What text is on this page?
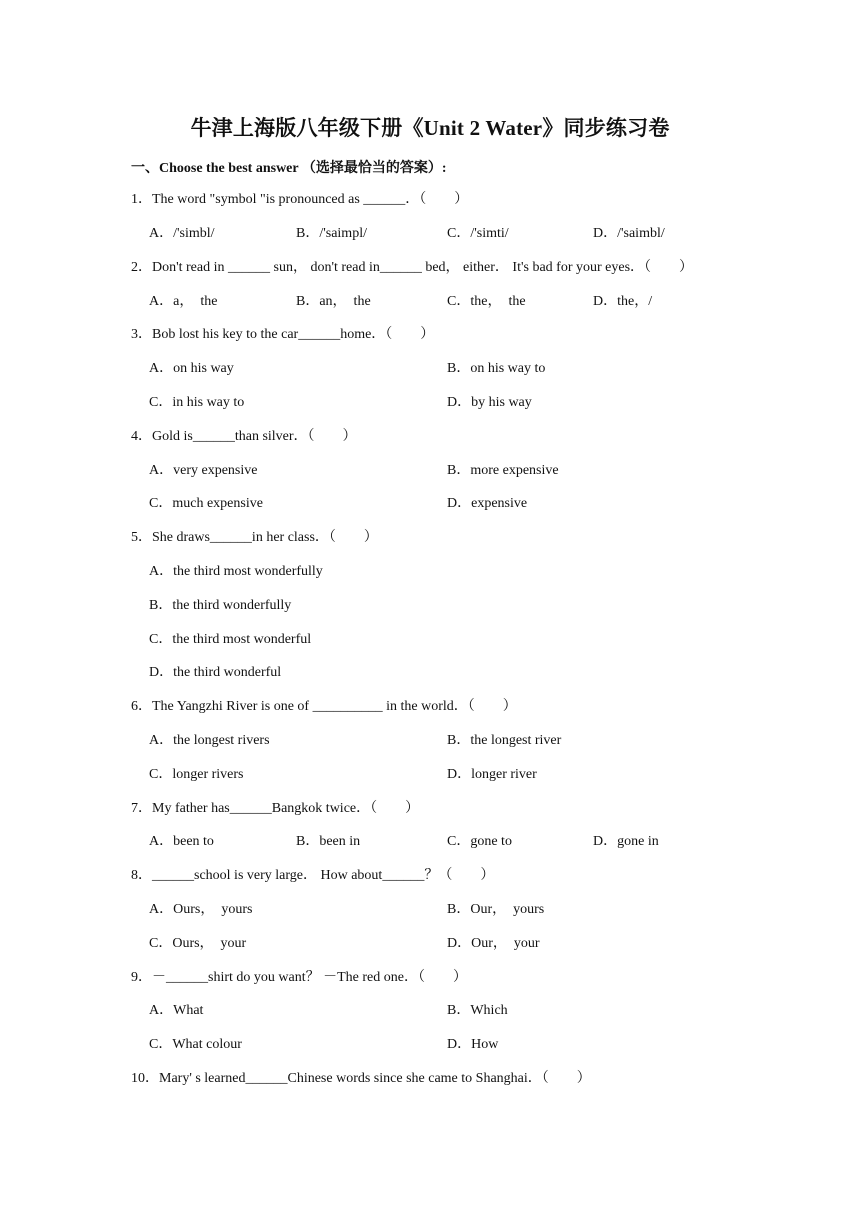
牛津上海版八年级下册《Unit 2 Water》同步练习卷
一、Choose the best answer （选择最恰当的答案）:
1．The word "symbol "is pronounced as ______．（　　）
A．/'simbl/	B．/'saimpl/	C．/'simti/	D．/'saimbl/
2．Don't read in ______ sun， don't read in______ bed， either． It's bad for your eyes．（　　）
A．a，  the	B．an，  the	C．the，  the	D．the，/
3．Bob lost his key to the car______home．（　　）
A．on his way	B．on his way to
C．in his way to	D．by his way
4．Gold is______than silver．（　　）
A．very expensive	B．more expensive
C．much expensive	D．expensive
5．She draws______in her class．（　　）
A．the third most wonderfully
B．the third wonderfully
C．the third most wonderful
D．the third wonderful
6．The Yangzhi River is one of __________ in the world．（　　）
A．the longest rivers	B．the longest river
C．longer rivers	D．longer river
7．My father has______Bangkok twice．（　　）
A．been to	B．been in	C．gone to	D．gone in
8．______school is very large． How about______？（　　）
A．Ours，  yours	B．Our，  yours
C．Ours，  your	D．Our，  your
9．－______shirt do you want？ －The red one．（　　）
A．What	B．Which
C．What colour	D．How
10．Mary' s learned______Chinese words since she came to Shanghai．（　　）
